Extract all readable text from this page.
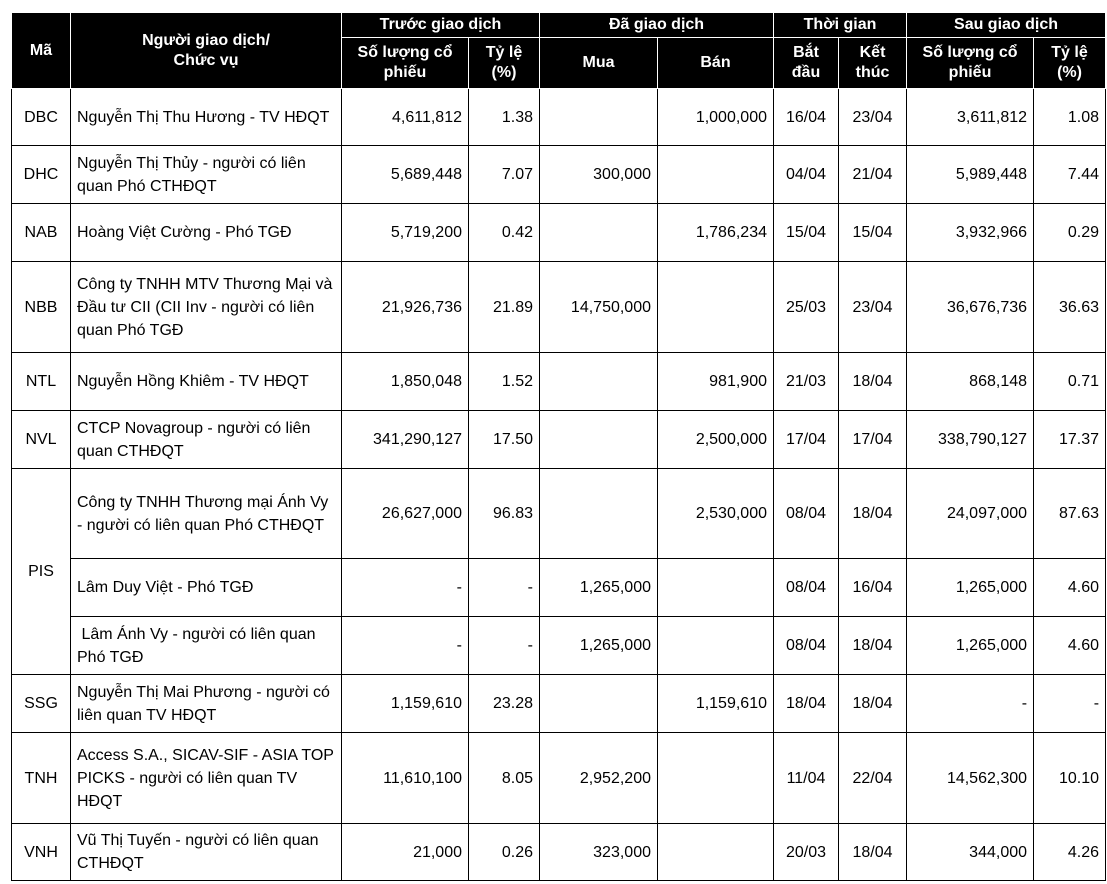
Mã	Người giao dịch/ Chức vụ	Trước giao dịch		Đã giao dịch		Thời gian		Sau giao dịch	
		Số lượng cổ phiếu	Tỷ lệ (%)	Mua	Bán	Bắt đầu	Kết thúc	Số lượng cổ phiếu	Tỷ lệ (%)
DBC	Nguyễn Thị Thu Hương - TV HĐQT	4,611,812	1.38		1,000,000	16/04	23/04	3,611,812	1.08
DHC	Nguyễn Thị Thủy - người có liên quan Phó CTHĐQT	5,689,448	7.07	300,000		04/04	21/04	5,989,448	7.44
NAB	Hoàng Việt Cường - Phó TGĐ	5,719,200	0.42		1,786,234	15/04	15/04	3,932,966	0.29
NBB	Công ty TNHH MTV Thương Mại và Đầu tư CII (CII Inv - người có liên quan Phó TGĐ	21,926,736	21.89	14,750,000		25/03	23/04	36,676,736	36.63
NTL	Nguyễn Hồng Khiêm - TV HĐQT	1,850,048	1.52		981,900	21/03	18/04	868,148	0.71
NVL	CTCP Novagroup - người có liên quan CTHĐQT	341,290,127	17.50		2,500,000	17/04	17/04	338,790,127	17.37
PIS	Công ty TNHH Thương mại Ánh Vy - người có liên quan Phó CTHĐQT	26,627,000	96.83		2,530,000	08/04	18/04	24,097,000	87.63
	Lâm Duy Việt - Phó TGĐ	-	-	1,265,000		08/04	16/04	1,265,000	4.60
	Lâm Ánh Vy - người có liên quan Phó TGĐ	-	-	1,265,000		08/04	18/04	1,265,000	4.60
SSG	Nguyễn Thị Mai Phương - người có liên quan TV HĐQT	1,159,610	23.28		1,159,610	18/04	18/04	-	-
TNH	Access S.A., SICAV-SIF - ASIA TOP PICKS - người có liên quan TV HĐQT	11,610,100	8.05	2,952,200		11/04	22/04	14,562,300	10.10
VNH	Vũ Thị Tuyến - người có liên quan CTHĐQT	21,000	0.26	323,000		20/03	18/04	344,000	4.26
